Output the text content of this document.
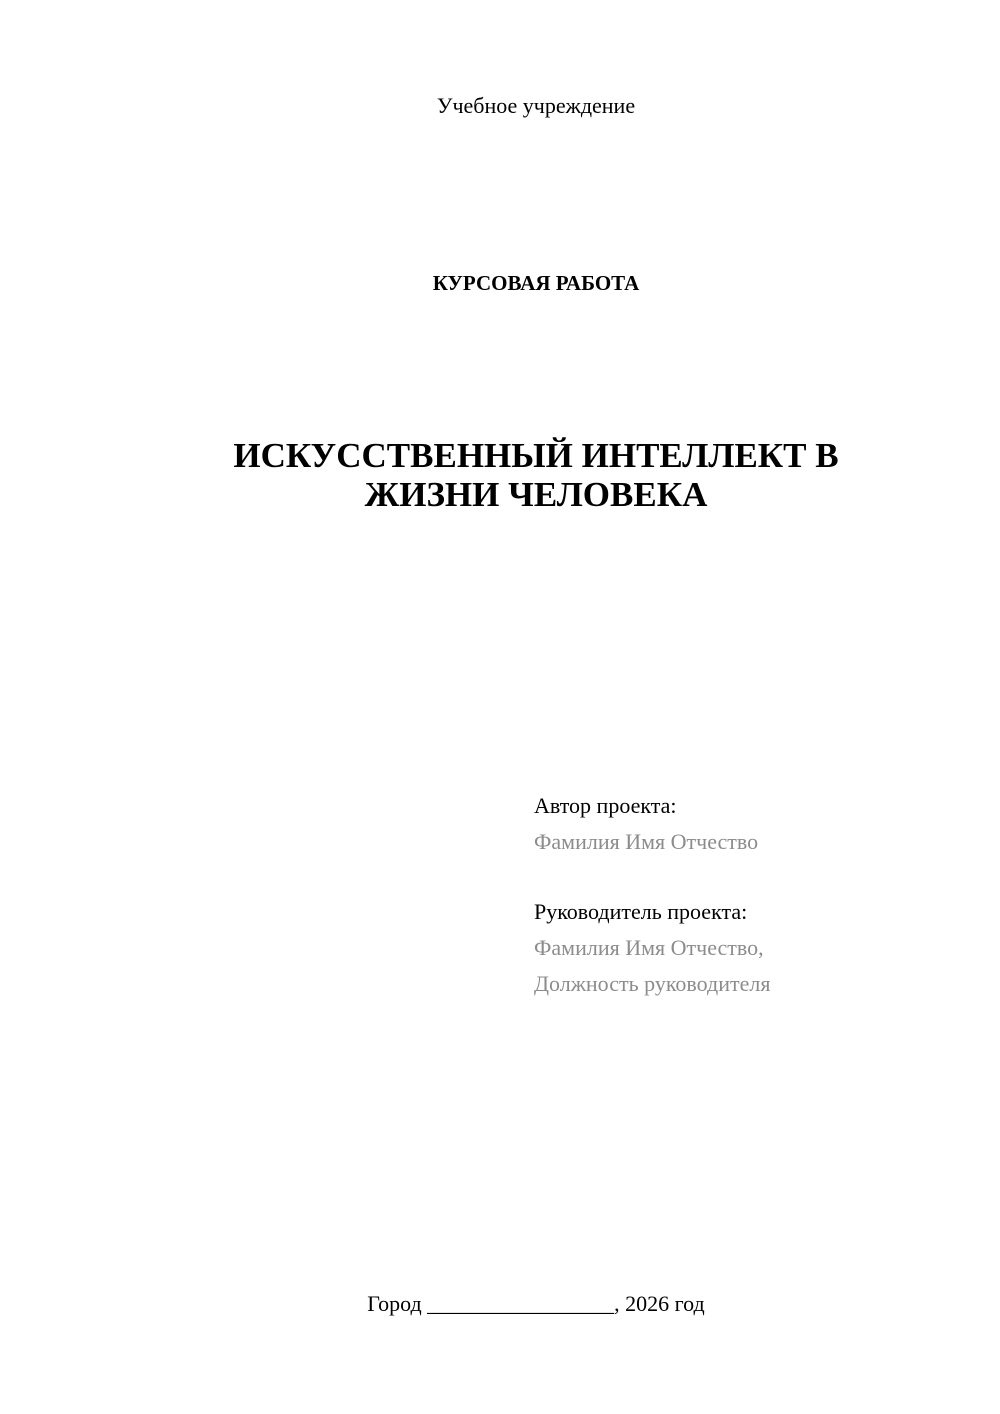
Учебное учреждение
КУРСОВАЯ РАБОТА
ИСКУССТВЕННЫЙ ИНТЕЛЛЕКТ В
ЖИЗНИ ЧЕЛОВЕКА
Автор проекта:
Фамилия Имя Отчество
Руководитель проекта:
Фамилия Имя Отчество,
Должность руководителя
Город _________________, 2026 год
